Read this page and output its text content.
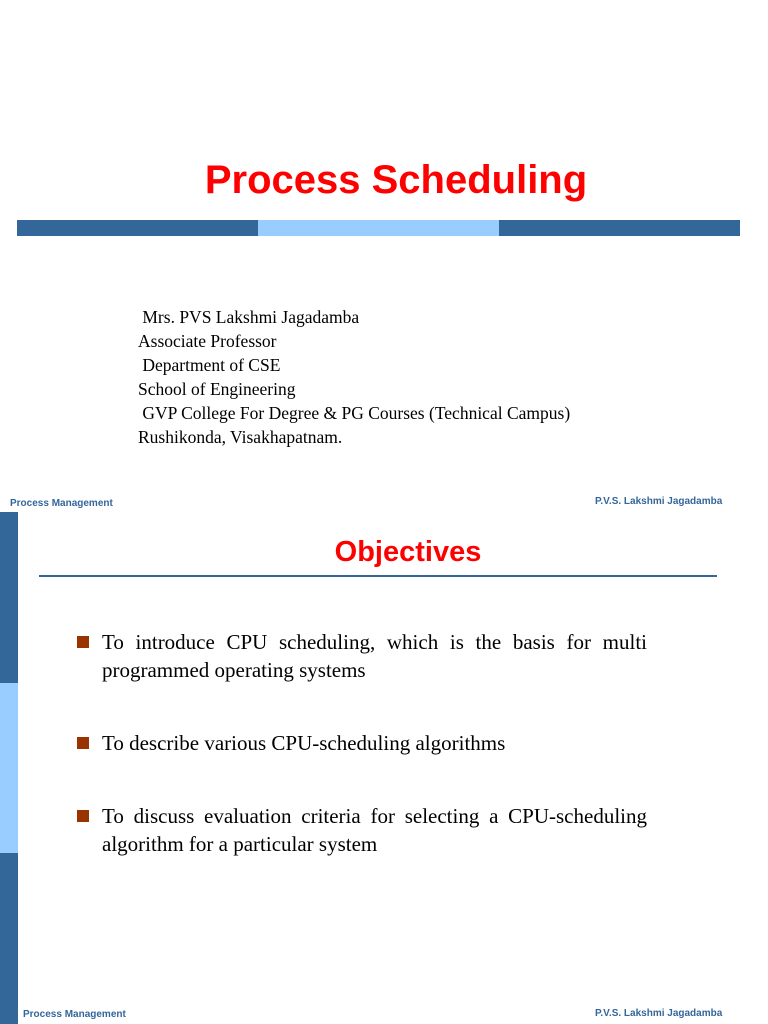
Process Scheduling
Mrs. PVS Lakshmi Jagadamba
Associate Professor
Department of CSE
School of Engineering
GVP College For Degree & PG Courses (Technical Campus)
Rushikonda, Visakhapatnam.
Process Management	P.V.S. Lakshmi Jagadamba
Objectives
To introduce CPU scheduling, which is the basis for multi programmed operating systems
To describe various CPU-scheduling algorithms
To discuss evaluation criteria for selecting a CPU-scheduling algorithm for a particular system
Process Management	P.V.S. Lakshmi Jagadamba
